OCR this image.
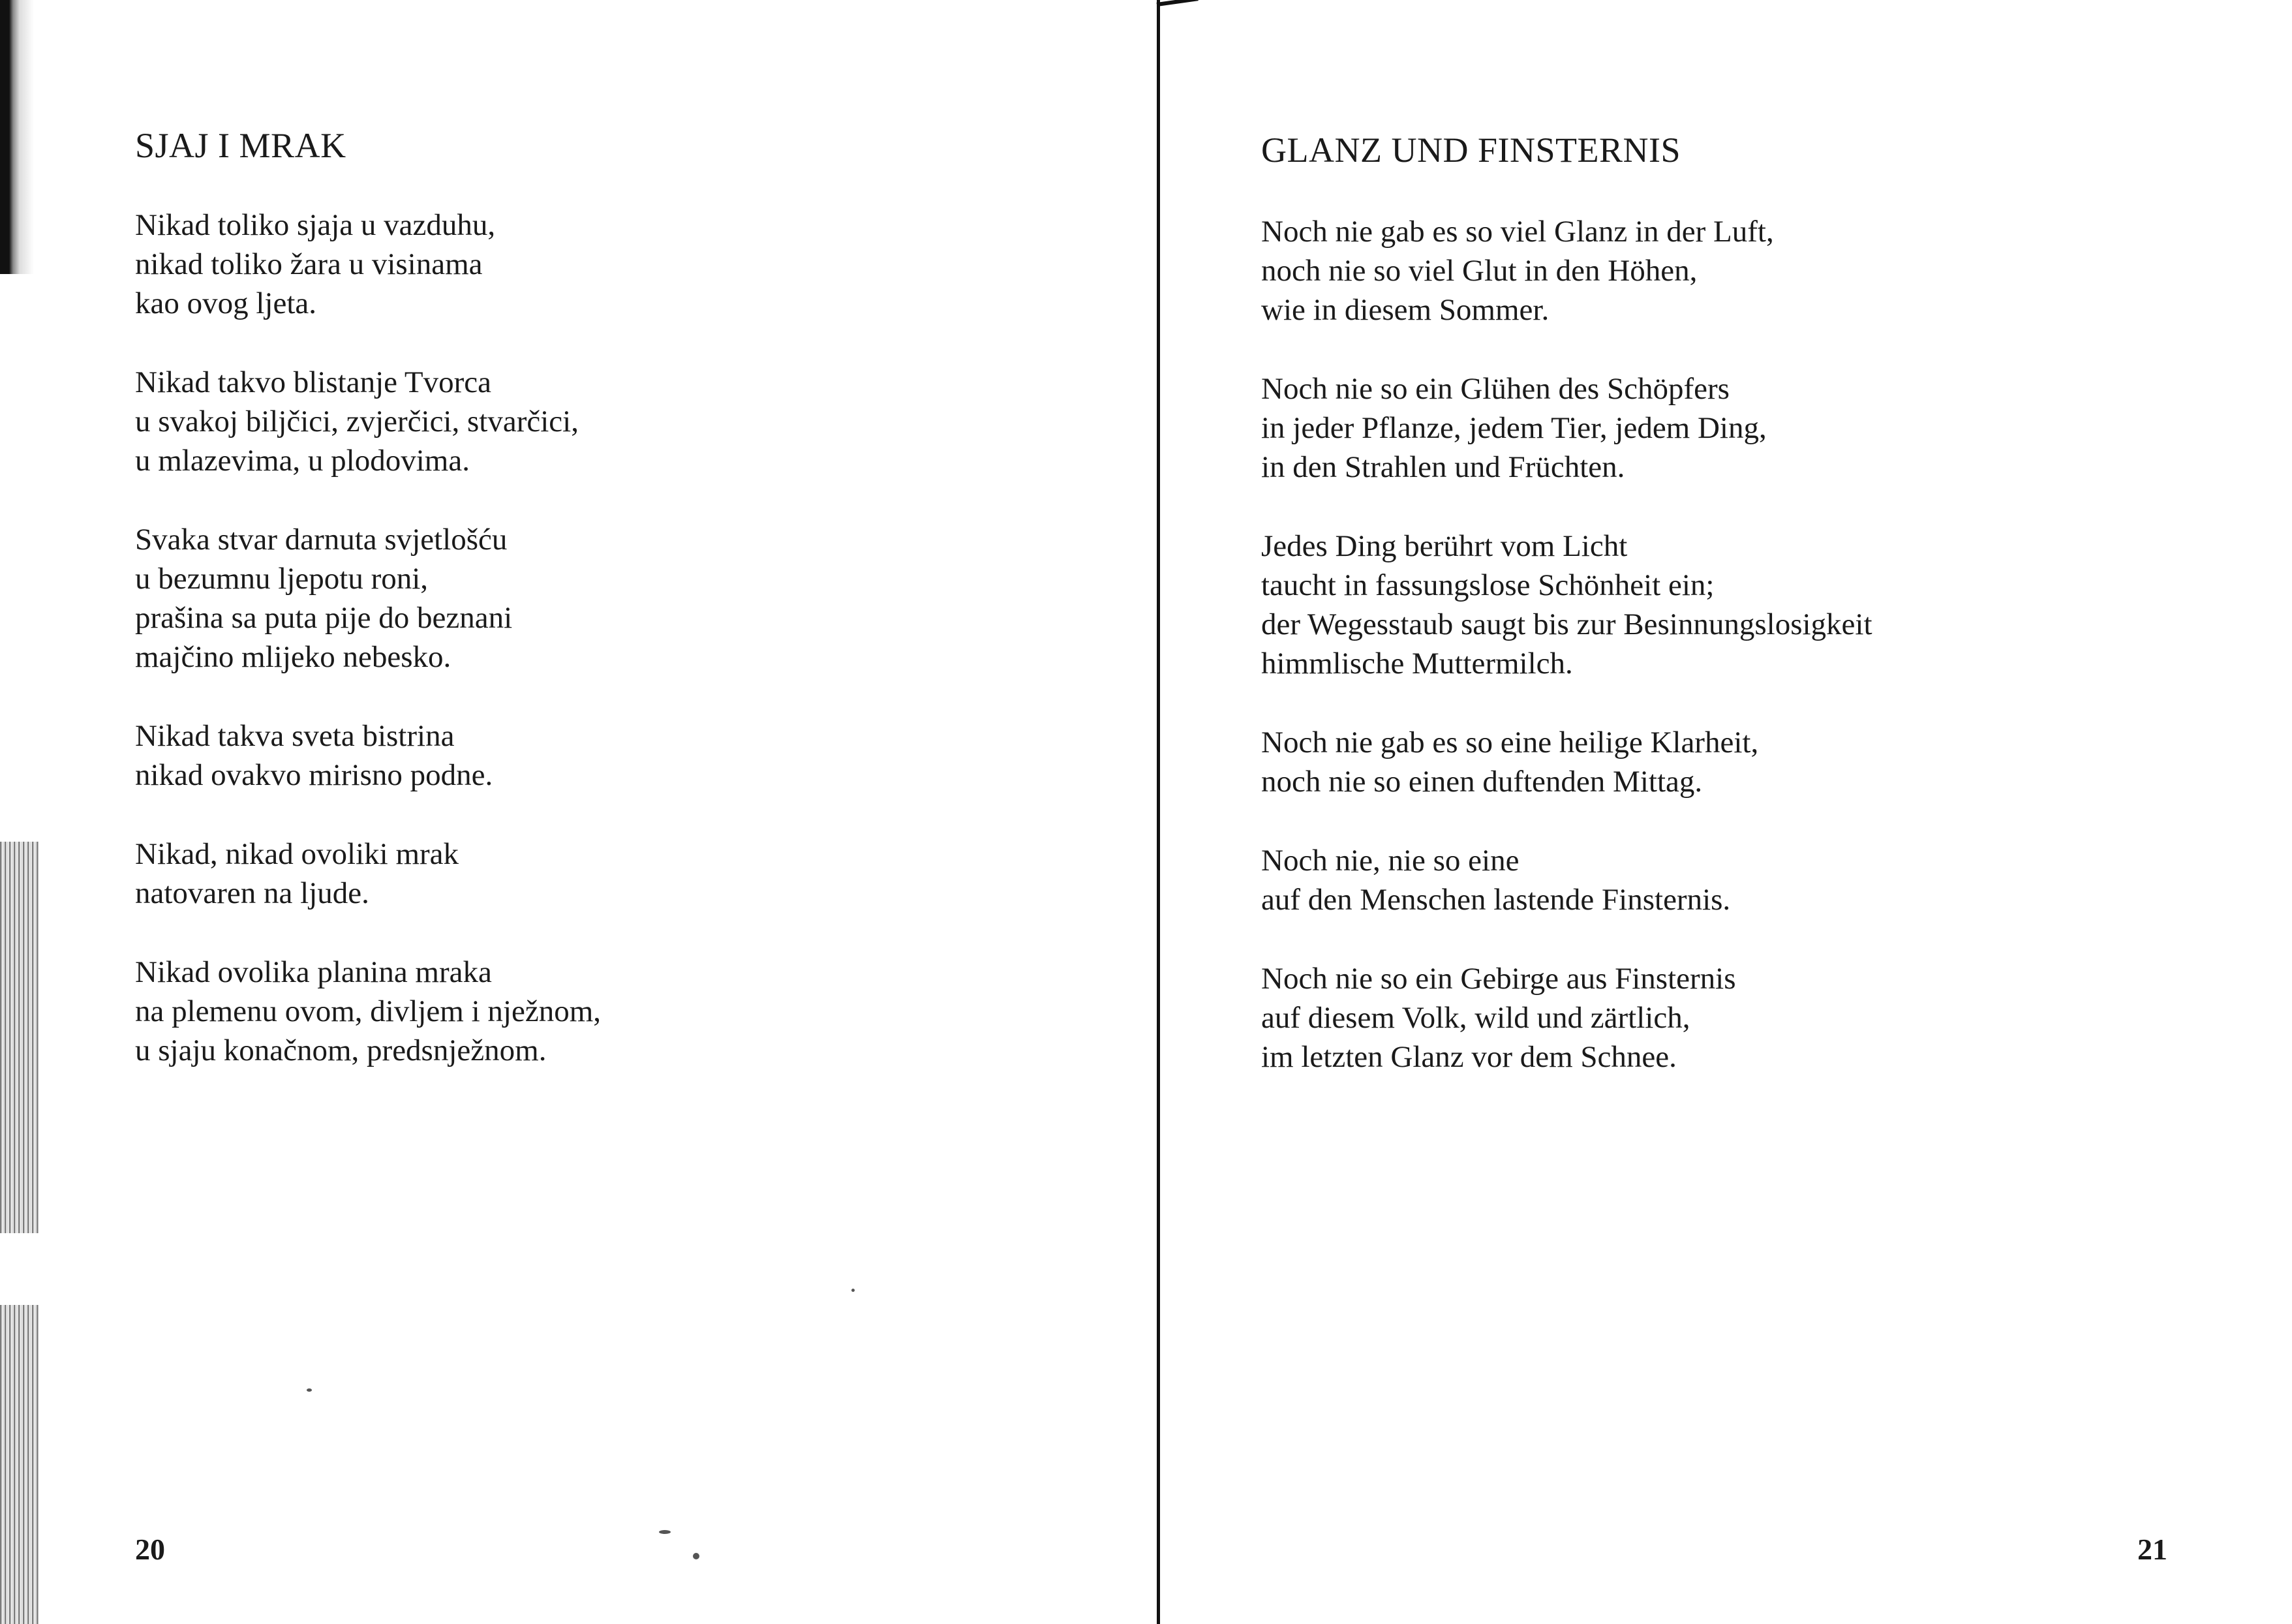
SJAJ I MRAK

Nikad toliko sjaja u vazduhu,
nikad toliko žara u visinama
kao ovog ljeta.

Nikad takvo blistanje Tvorca
u svakoj biljčici, zvjerčici, stvarčici,
u mlazevima, u plodovima.

Svaka stvar darnuta svjetlošću
u bezumnu ljepotu roni,
prašina sa puta pije do beznani
majčino mlijeko nebesko.

Nikad takva sveta bistrina
nikad ovakvo mirisno podne.

Nikad, nikad ovoliki mrak
natovaren na ljude.

Nikad ovolika planina mraka
na plemenu ovom, divljem i nježnom,
u sjaju konačnom, predsnježnom.

20
GLANZ UND FINSTERNIS

Noch nie gab es so viel Glanz in der Luft,
noch nie so viel Glut in den Höhen,
wie in diesem Sommer.

Noch nie so ein Glühen des Schöpfers
in jeder Pflanze, jedem Tier, jedem Ding,
in den Strahlen und Früchten.

Jedes Ding berührt vom Licht
taucht in fassungslose Schönheit ein;
der Wegesstaub saugt bis zur Besinnungslosigkeit
himmlische Muttermilch.

Noch nie gab es so eine heilige Klarheit,
noch nie so einen duftenden Mittag.

Noch nie, nie so eine
auf den Menschen lastende Finsternis.

Noch nie so ein Gebirge aus Finsternis
auf diesem Volk, wild und zärtlich,
im letzten Glanz vor dem Schnee.

21
